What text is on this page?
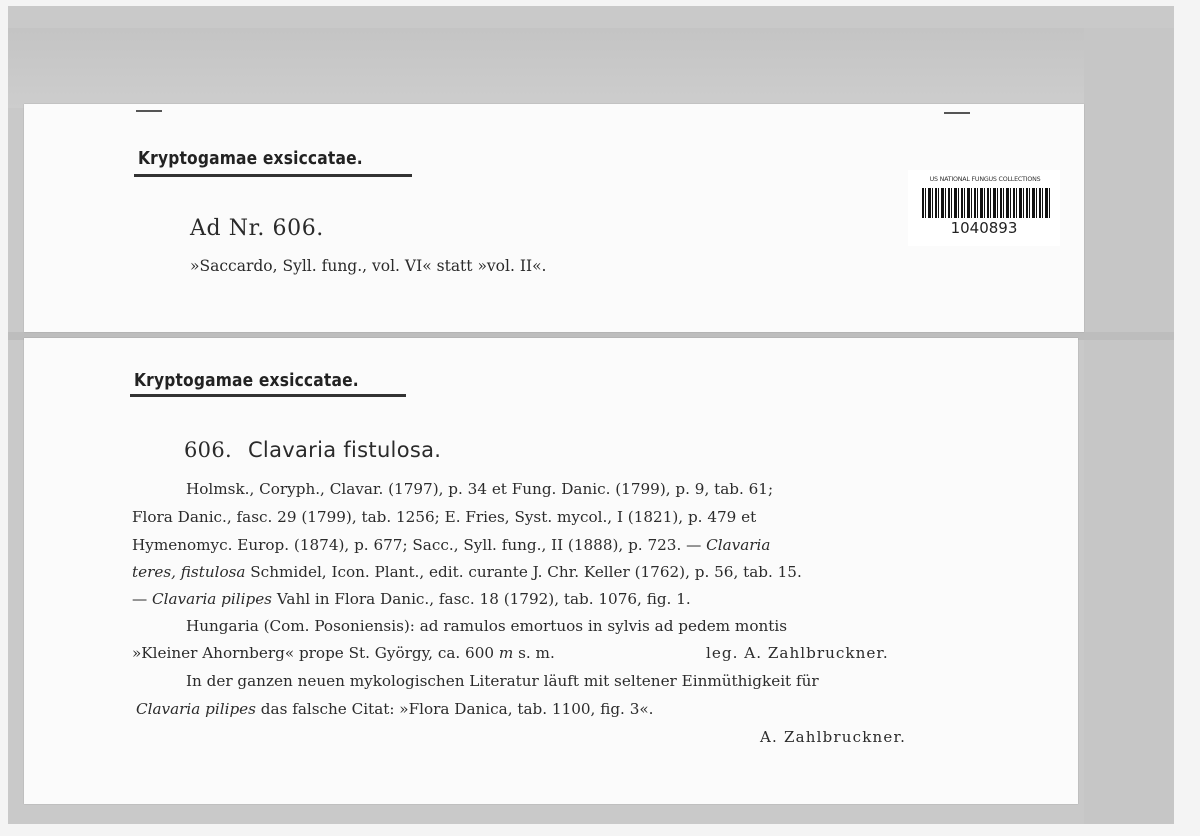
Kryptogamae exsiccatae.
Ad Nr. 606.
»Saccardo, Syll. fung., vol. VI« statt »vol. II«.
US NATIONAL FUNGUS COLLECTIONS
1040893
Kryptogamae exsiccatae.
606. Clavaria fistulosa.
Holmsk., Coryph., Clavar. (1797), p. 34 et Fung. Danic. (1799), p. 9, tab. 61;
Flora Danic., fasc. 29 (1799), tab. 1256; E. Fries, Syst. mycol., I (1821), p. 479 et
Hymenomyc. Europ. (1874), p. 677; Sacc., Syll. fung., II (1888), p. 723. — Clavaria
teres, fistulosa Schmidel, Icon. Plant., edit. curante J. Chr. Keller (1762), p. 56, tab. 15.
— Clavaria pilipes Vahl in Flora Danic., fasc. 18 (1792), tab. 1076, fig. 1.
Hungaria (Com. Posoniensis): ad ramulos emortuos in sylvis ad pedem montis
»Kleiner Ahornberg« prope St. György, ca. 600 m s. m.	leg. A. Zahlbruckner.
In der ganzen neuen mykologischen Literatur läuft mit seltener Einmüthigkeit für
Clavaria pilipes das falsche Citat: »Flora Danica, tab. 1100, fig. 3«.
A. Zahlbruckner.
